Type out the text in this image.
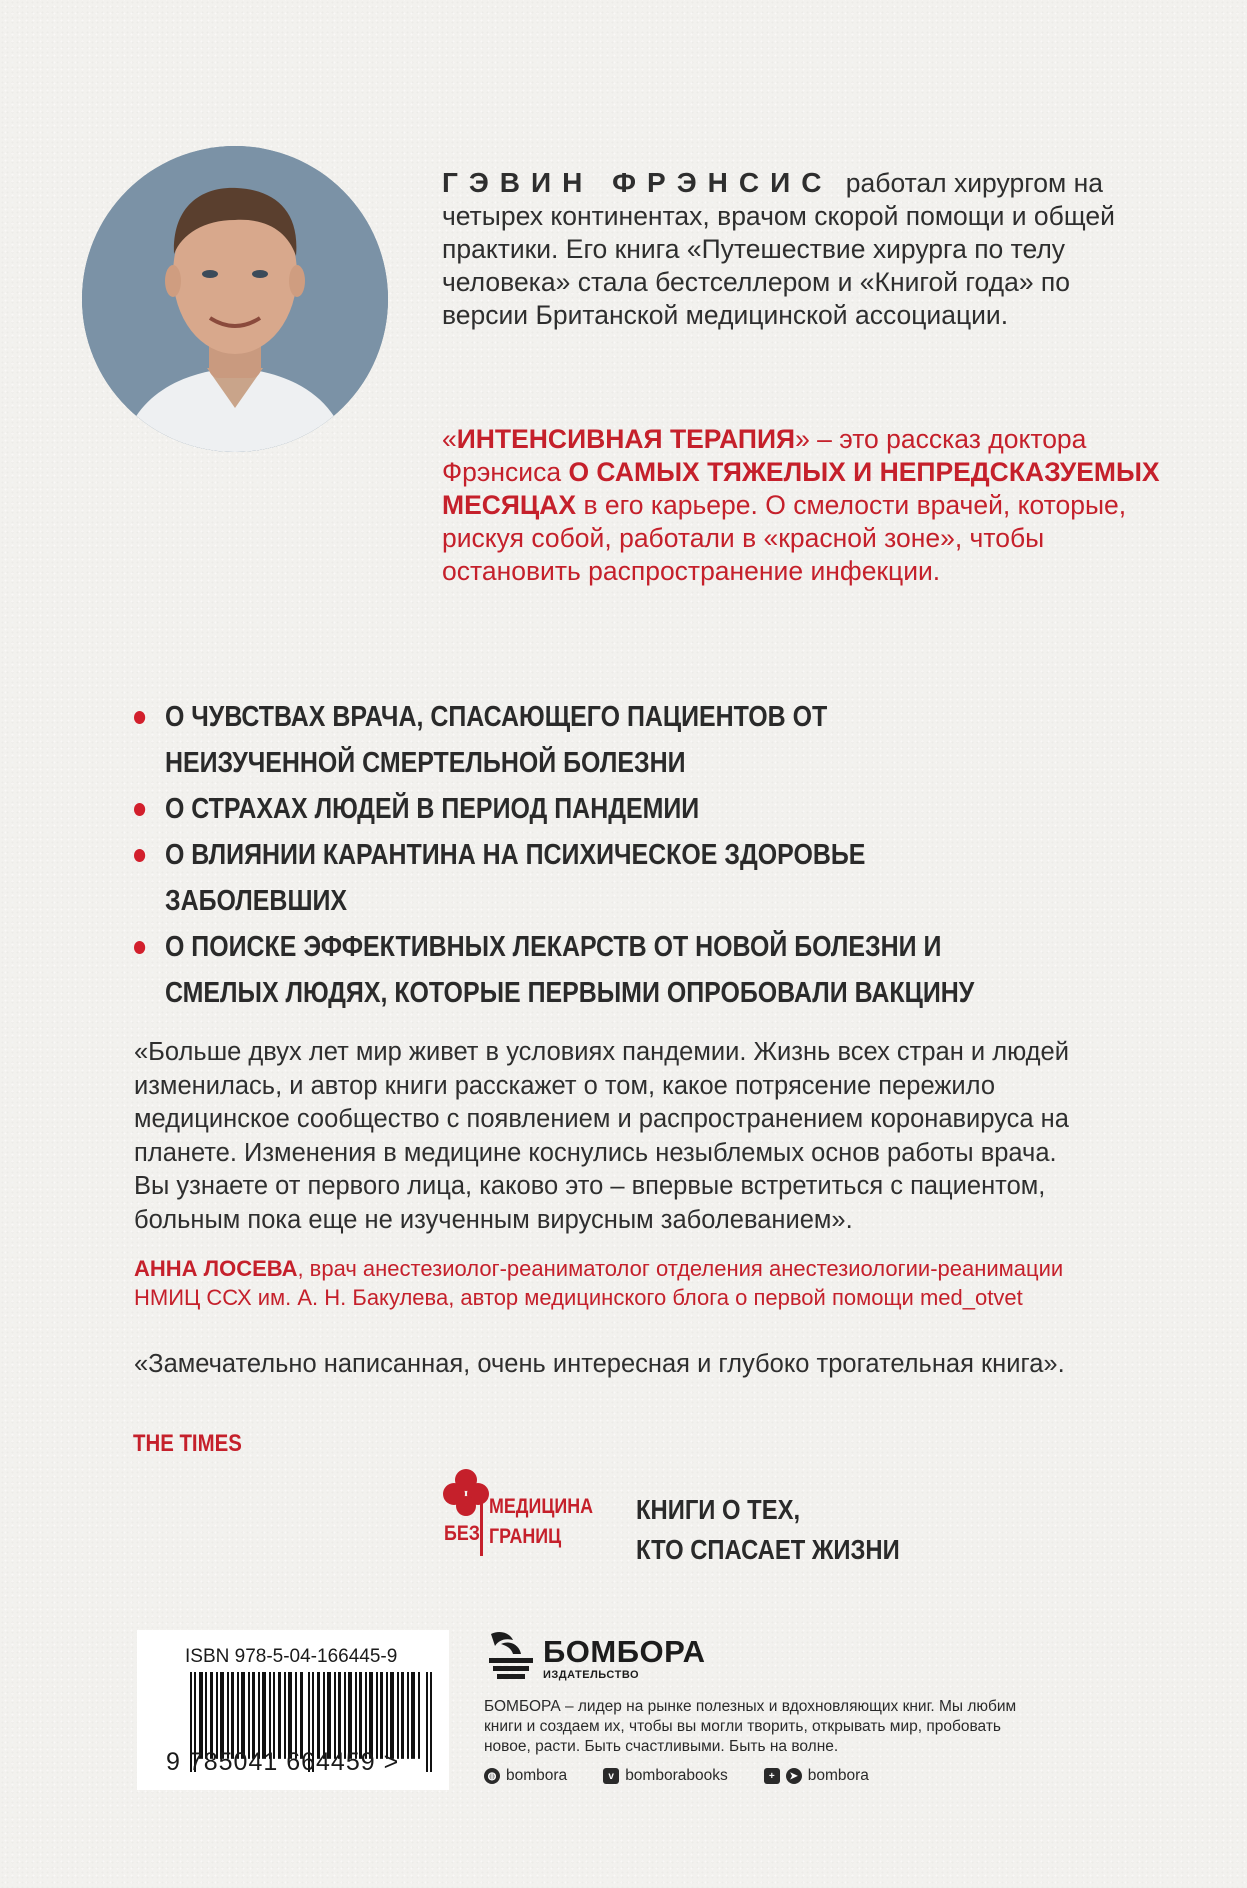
ГЭВИН ФРЭНСИС работал хирургом на четырех континентах, врачом скорой помощи и общей практики. Его книга «Путешествие хирурга по телу человека» стала бестселлером и «Книгой года» по версии Британской медицинской ассоциации.
«ИНТЕНСИВНАЯ ТЕРАПИЯ» – это рассказ доктора Фрэнсиса О САМЫХ ТЯЖЕЛЫХ И НЕПРЕДСКАЗУЕМЫХ МЕСЯЦАХ в его карьере. О смелости врачей, которые, рискуя собой, работали в «красной зоне», чтобы остановить распространение инфекции.
О ЧУВСТВАХ ВРАЧА, СПАСАЮЩЕГО ПАЦИЕНТОВ ОТ НЕИЗУЧЕННОЙ СМЕРТЕЛЬНОЙ БОЛЕЗНИ
О СТРАХАХ ЛЮДЕЙ В ПЕРИОД ПАНДЕМИИ
О ВЛИЯНИИ КАРАНТИНА НА ПСИХИЧЕСКОЕ ЗДОРОВЬЕ ЗАБОЛЕВШИХ
О ПОИСКЕ ЭФФЕКТИВНЫХ ЛЕКАРСТВ ОТ НОВОЙ БОЛЕЗНИ И СМЕЛЫХ ЛЮДЯХ, КОТОРЫЕ ПЕРВЫМИ ОПРОБОВАЛИ ВАКЦИНУ
«Больше двух лет мир живет в условиях пандемии. Жизнь всех стран и людей изменилась, и автор книги расскажет о том, какое потрясение пережило медицинское сообщество с появлением и распространением коронавируса на планете. Изменения в медицине коснулись незыблемых основ работы врача. Вы узнаете от первого лица, каково это – впервые встретиться с пациентом, больным пока еще не изученным вирусным заболеванием».
АННА ЛОСЕВА, врач анестезиолог-реаниматолог отделения анестезиологии-реанимации НМИЦ ССХ им. А. Н. Бакулева, автор медицинского блога о первой помощи med_otvet
«Замечательно написанная, очень интересная и глубоко трогательная книга».
THE TIMES
МЕДИЦИНА
ГРАНИЦ
БЕЗ
КНИГИ О ТЕХ,
КТО СПАСАЕТ ЖИЗНИ
ISBN 978-5-04-166445-9
9 785041 664459 >
БОМБОРА
ИЗДАТЕЛЬСТВО
БОМБОРА – лидер на рынке полезных и вдохновляющих книг. Мы любим книги и создаем их, чтобы вы могли творить, открывать мир, пробовать новое, расти. Быть счастливыми. Быть на волне.
◍ bombora	v bomborabooks	+	➤ bombora
